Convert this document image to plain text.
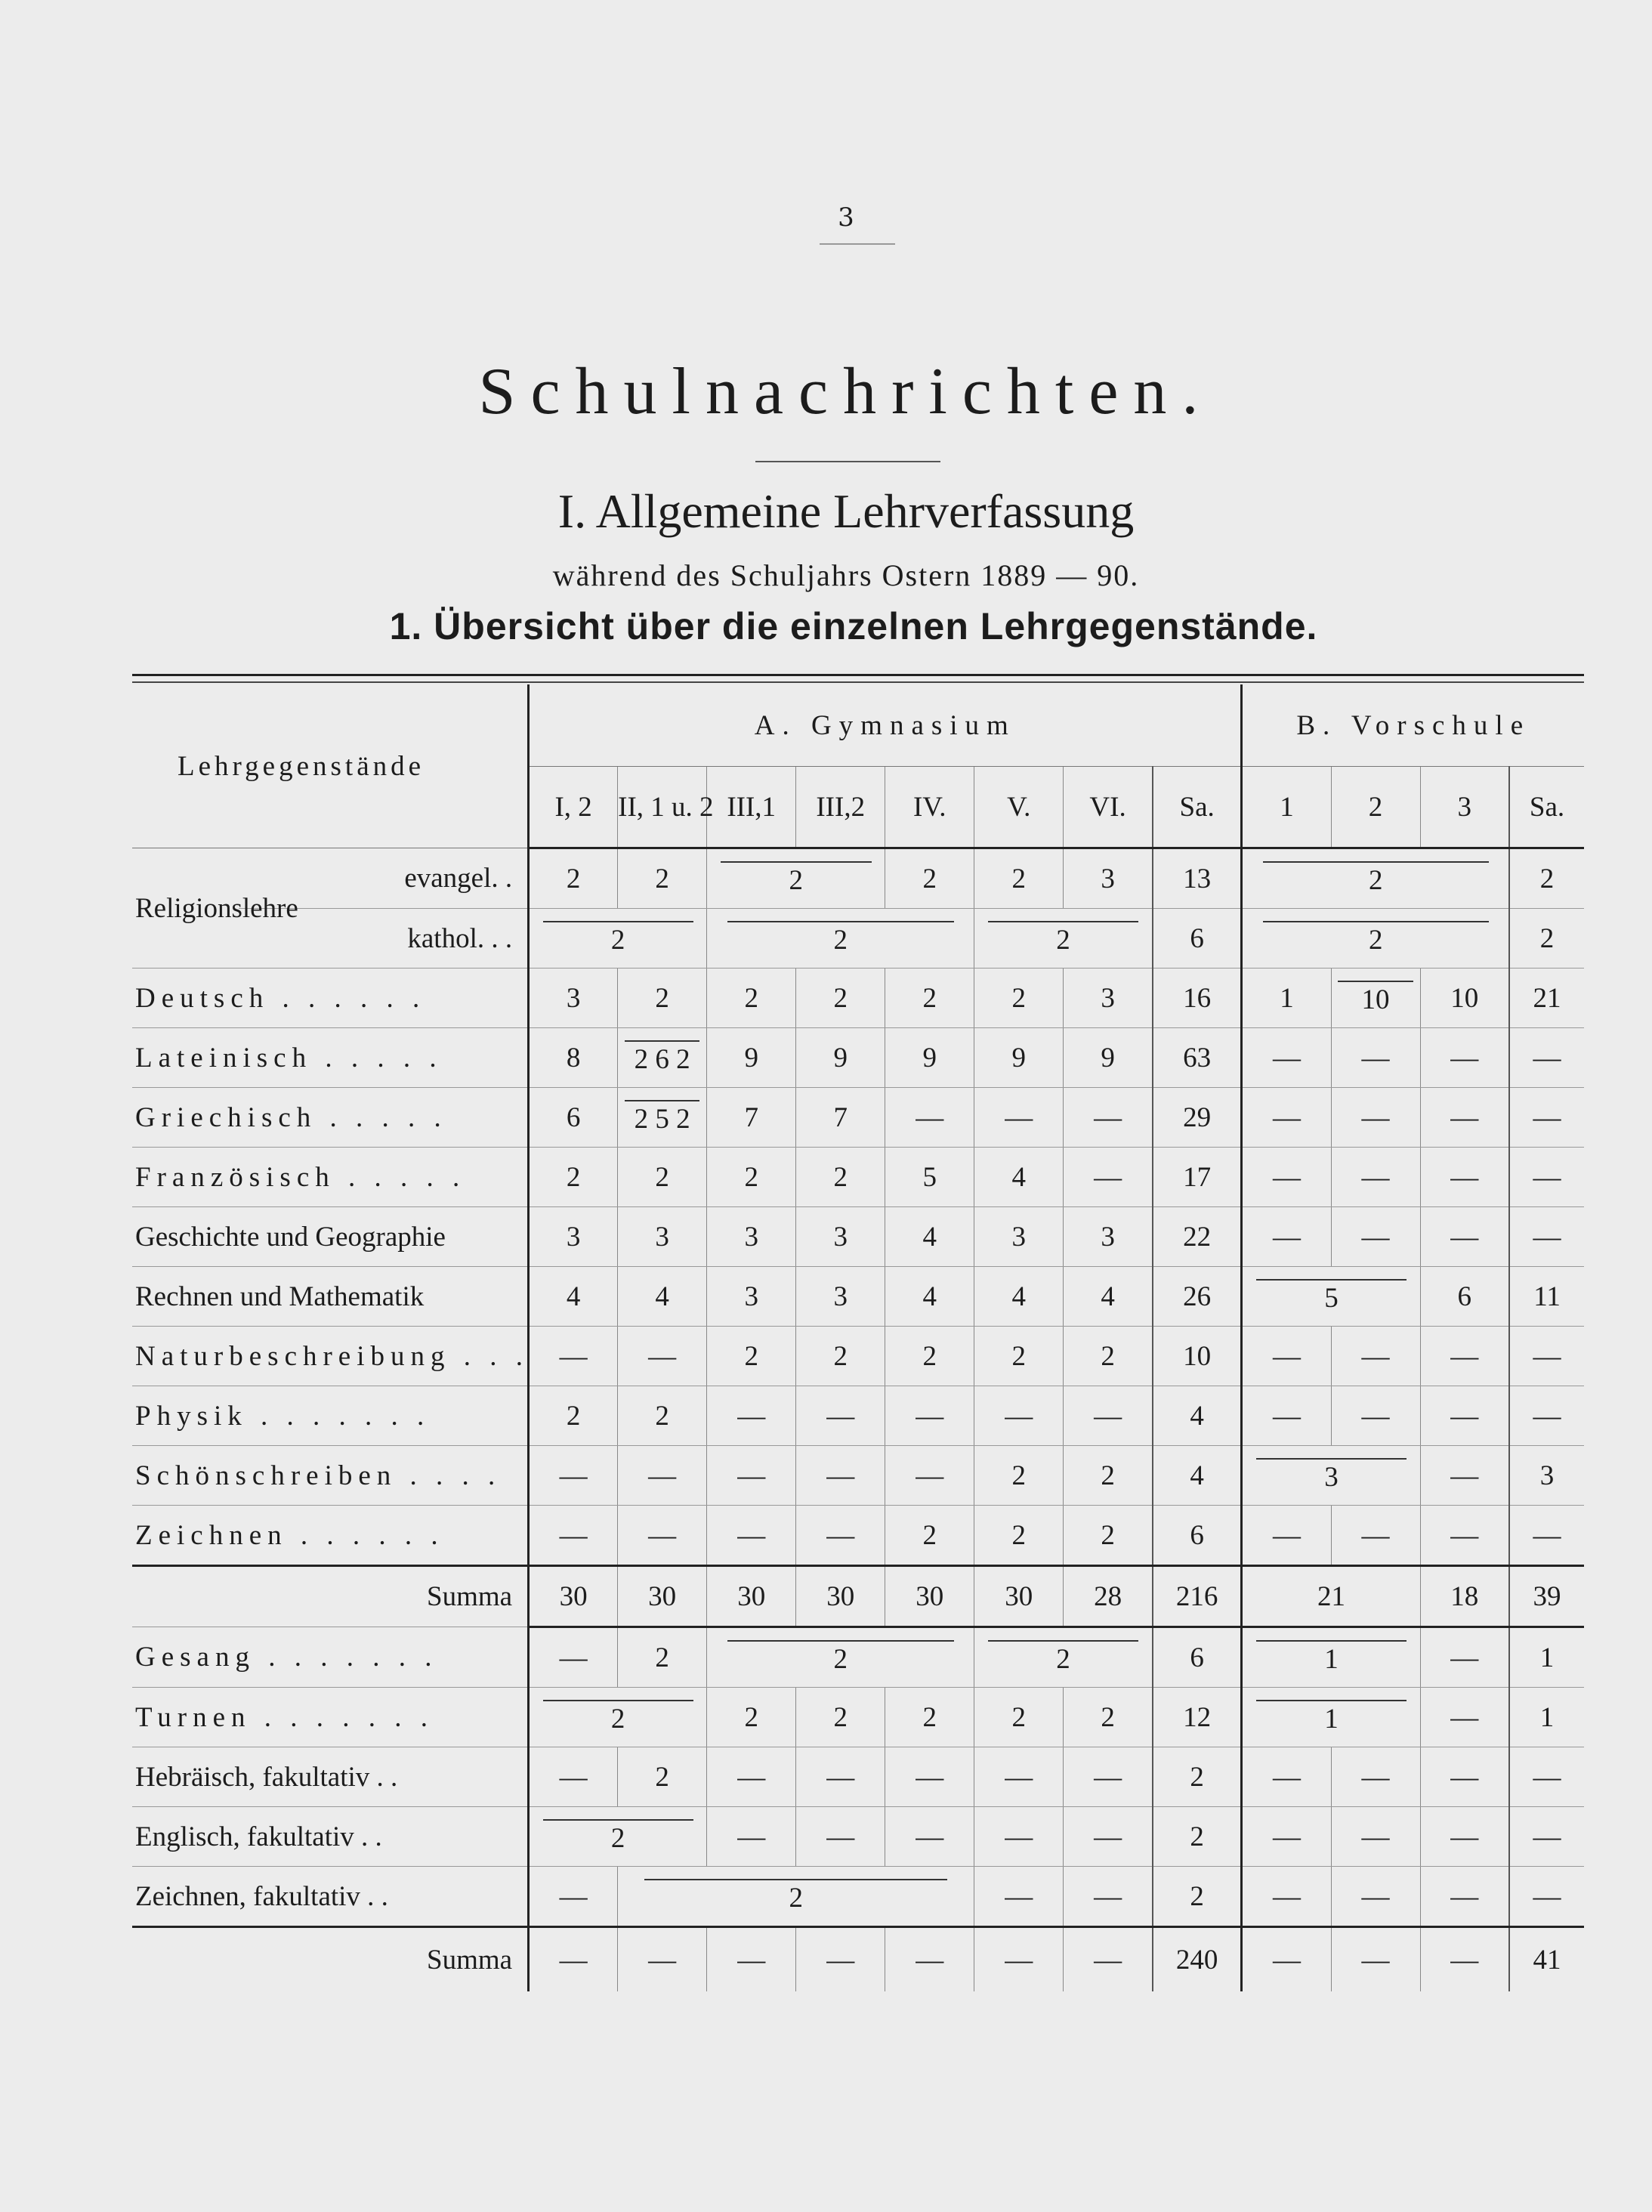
3
Schulnachrichten.
I. Allgemeine Lehrverfassung
während des Schuljahrs Ostern 1889 — 90.
1. Übersicht über die einzelnen Lehrgegenstände.
Lehrgegenstände		A. Gymnasium								B. Vorschule			
		I, 2	II, 1 u. 2	III,1	III,2	IV.	V.	VI.	Sa.	1	2	3	Sa.
Religionslehre	evangel. .	2	2	2		2	2	3	13	2			2
	kathol. . .	2		2			2		6	2			2
Deutsch . . . . . .		3	2	2	2	2	2	3	16	1	10	10	21
Lateinisch . . . . .		8	2 6 2	9	9	9	9	9	63	—	—	—	—
Griechisch . . . . .		6	2 5 2	7	7	—	—	—	29	—	—	—	—
Französisch . . . . .		2	2	2	2	5	4	—	17	—	—	—	—
Geschichte und Geographie		3	3	3	3	4	3	3	22	—	—	—	—
Rechnen und Mathematik		4	4	3	3	4	4	4	26	5		6	11
Naturbeschreibung . . .		—	—	2	2	2	2	2	10	—	—	—	—
Physik . . . . . . .		2	2	—	—	—	—	—	4	—	—	—	—
Schönschreiben . . . .		—	—	—	—	—	2	2	4	3		—	3
Zeichnen . . . . . .		—	—	—	—	2	2	2	6	—	—	—	—
Summa		30	30	30	30	30	30	28	216	21		18	39
Gesang . . . . . . .		—	2	2			2		6	1		—	1
Turnen . . . . . . .		2		2	2	2	2	2	12	1		—	1
Hebräisch, fakultativ . .		—	2	—	—	—	—	—	2	—	—	—	—
Englisch, fakultativ . .		2		—	—	—	—	—	2	—	—	—	—
Zeichnen, fakultativ . .		—	2				—	—	2	—	—	—	—
Summa		—	—	—	—	—	—	—	240	—	—	—	41
